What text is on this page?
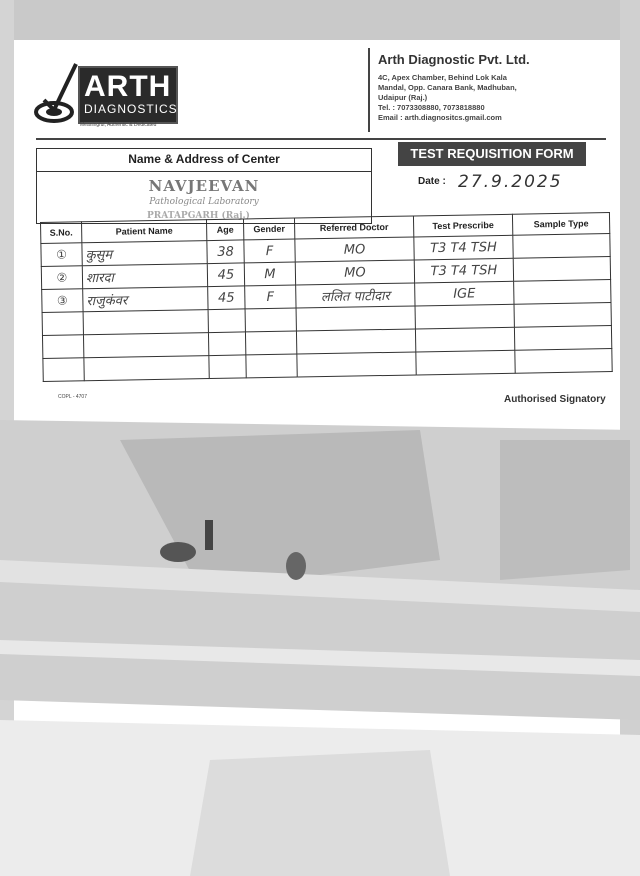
ARTH
DIAGNOSTICS
Meaningful, Authentic & Dedicated
Arth Diagnostic Pvt. Ltd.
4C, Apex Chamber, Behind Lok Kala
Mandal, Opp. Canara Bank, Madhuban,
Udaipur (Raj.)
Tel. : 7073308880, 7073818880
Email : arth.diagnositcs.gmail.com
Name & Address of Center
NAVJEEVAN
Pathological Laboratory
PRATAPGARH (Raj.)
TEST REQUISITION FORM
Date : 27.9.2025
S.No.	Patient Name	Age	Gender	Referred Doctor	Test Prescribe	Sample Type
①	कुसुम	38	F	MO	T3 T4 TSH	
②	शारदा	45	M	MO	T3 T4 TSH	
③	राजुकंवर	45	F	ललित पाटीदार	IGE	

COPL - 4707	Authorised Signatory
